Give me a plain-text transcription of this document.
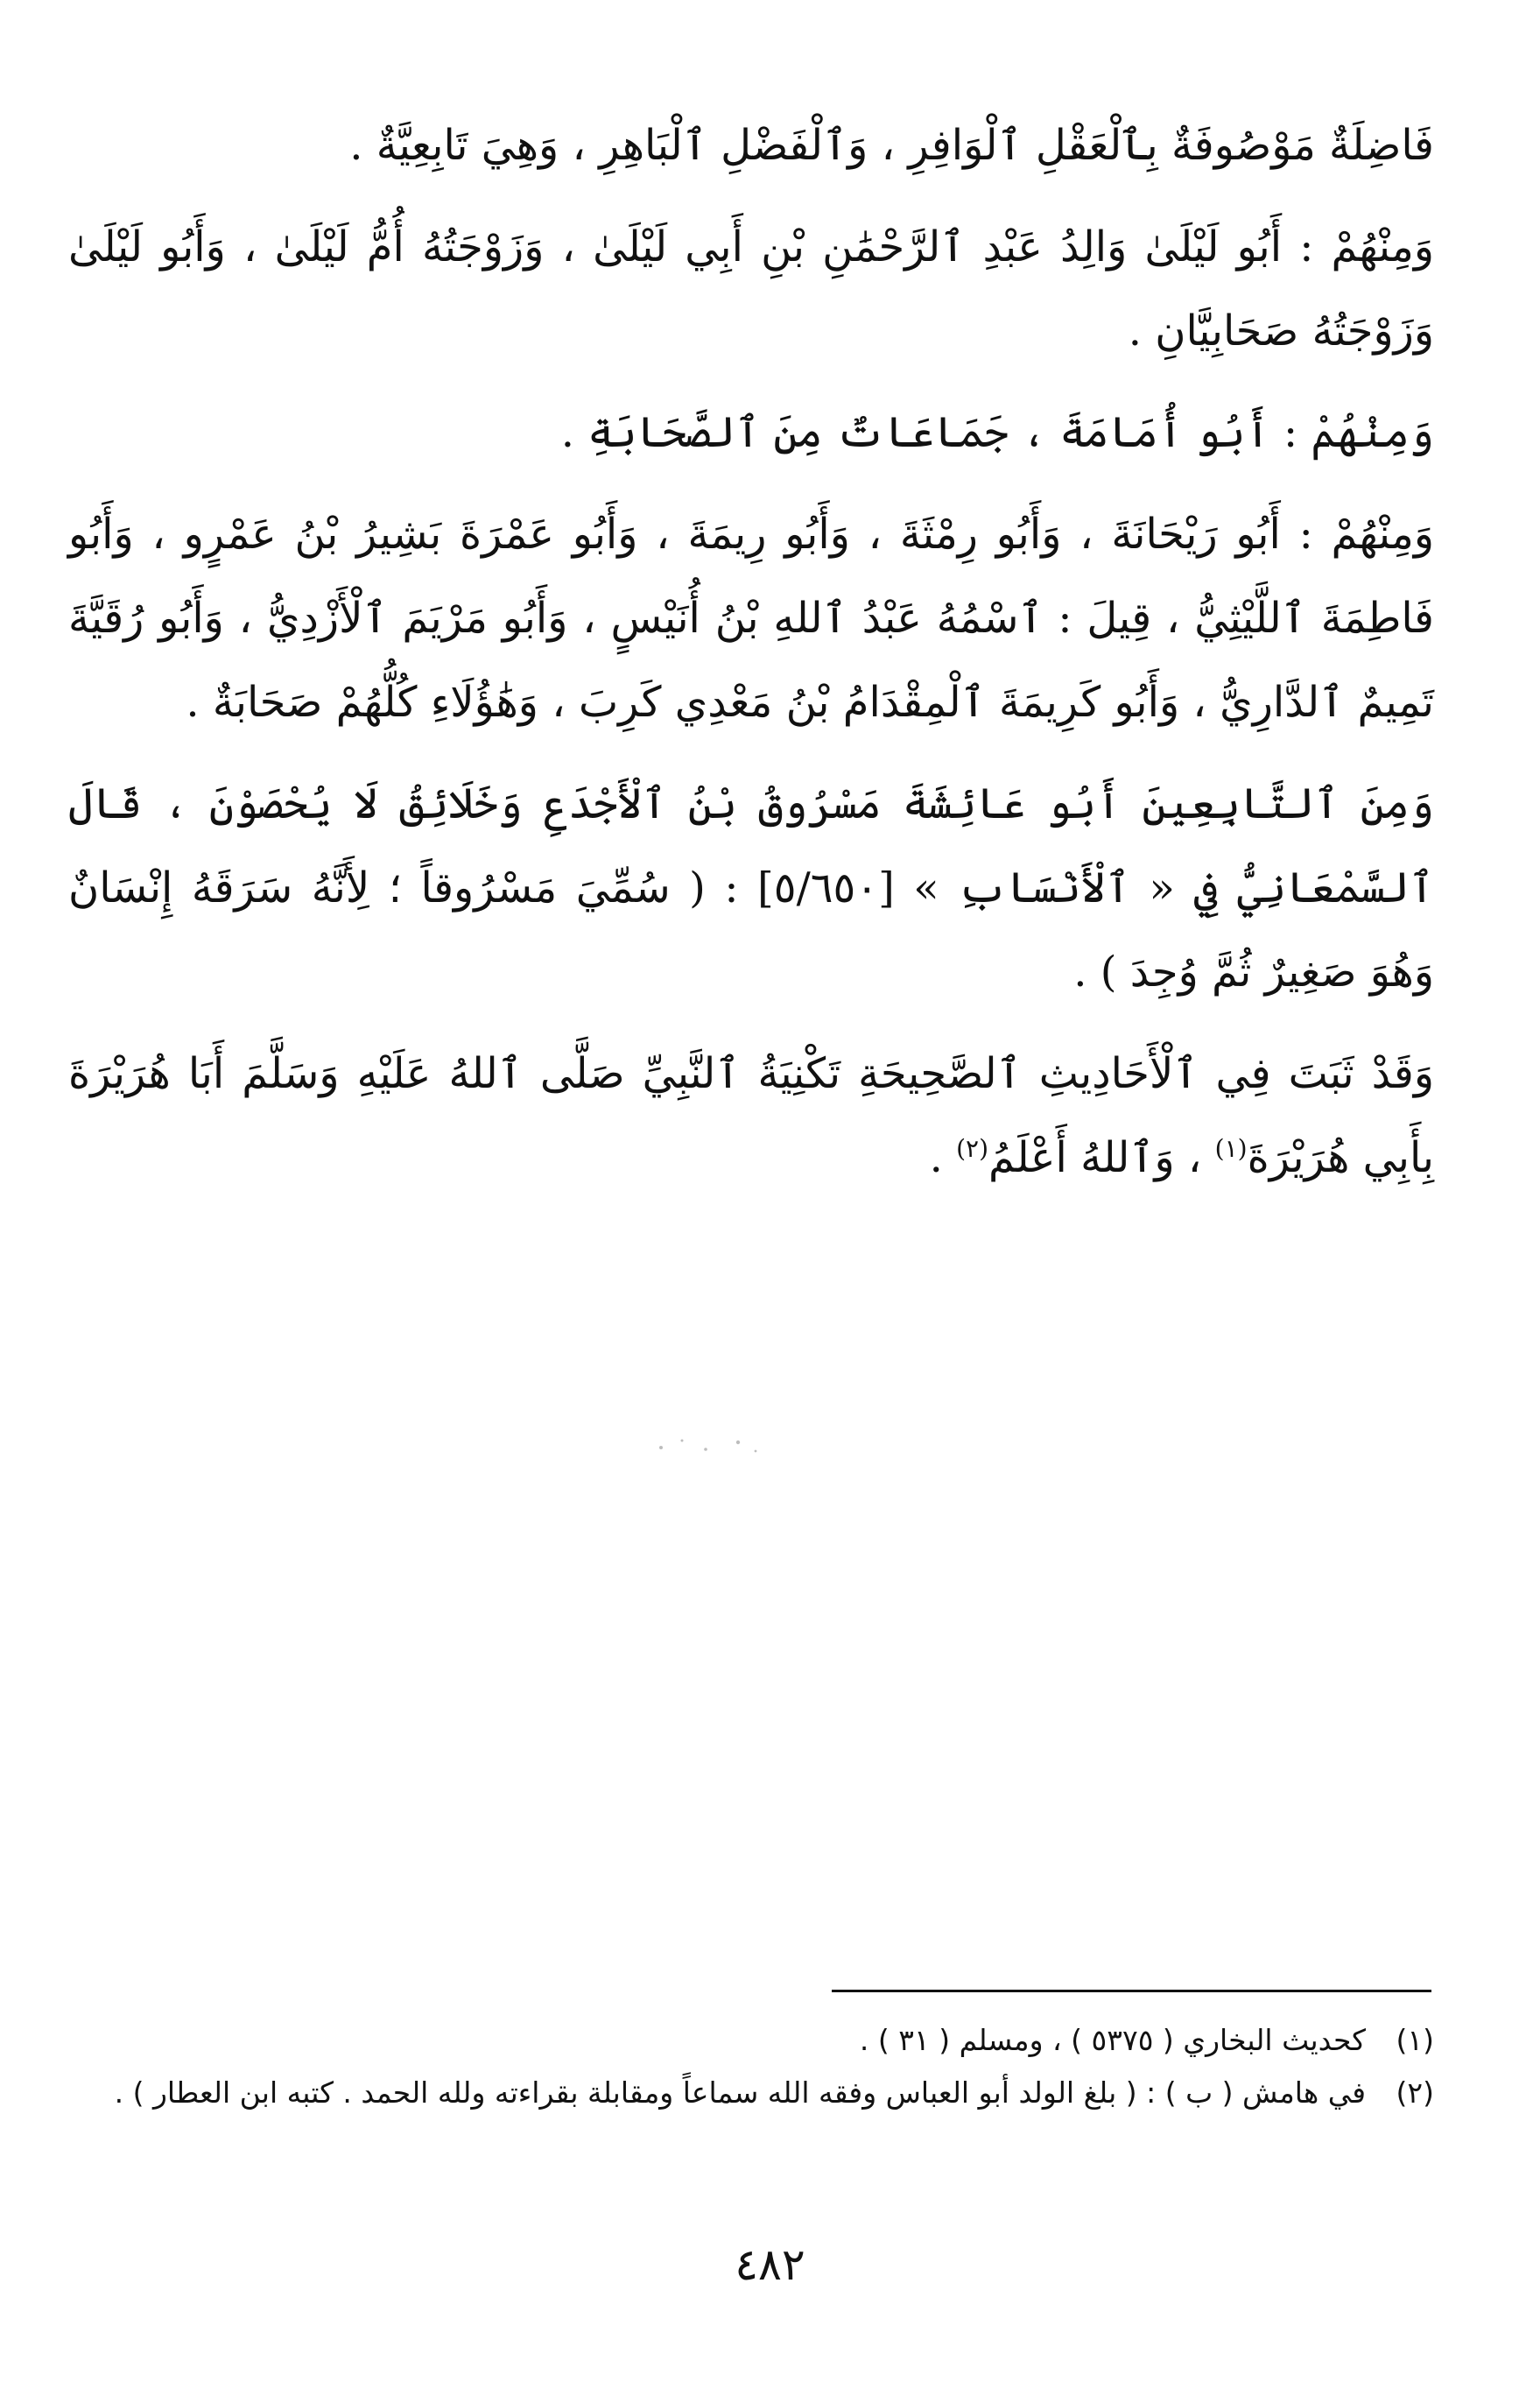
فَاضِلَةٌ مَوْصُوفَةٌ بِٱلْعَقْلِ ٱلْوَافِرِ ، وَٱلْفَضْلِ ٱلْبَاهِرِ ، وَهِيَ تَابِعِيَّةٌ .

وَمِنْهُمْ : أَبُو لَيْلَىٰ وَالِدُ عَبْدِ ٱلرَّحْمَٰنِ بْنِ أَبِي لَيْلَىٰ ، وَزَوْجَتُهُ أُمُّ لَيْلَىٰ ، وَأَبُو لَيْلَىٰ وَزَوْجَتُهُ صَحَابِيَّانِ .

وَمِنْهُمْ : أَبُو أُمَامَةَ ، جَمَاعَاتٌ مِنَ ٱلصَّحَابَةِ .

وَمِنْهُمْ : أَبُو رَيْحَانَةَ ، وَأَبُو رِمْثَةَ ، وَأَبُو رِيمَةَ ، وَأَبُو عَمْرَةَ بَشِيرُ بْنُ عَمْرٍو ، وَأَبُو فَاطِمَةَ ٱللَّيْثِيُّ ، قِيلَ : ٱسْمُهُ عَبْدُ ٱللهِ بْنُ أُنَيْسٍ ، وَأَبُو مَرْيَمَ ٱلْأَزْدِيُّ ، وَأَبُو رُقَيَّةَ تَمِيمٌ ٱلدَّارِيُّ ، وَأَبُو كَرِيمَةَ ٱلْمِقْدَامُ بْنُ مَعْدِي كَرِبَ ، وَهَٰؤُلَاءِ كُلُّهُمْ صَحَابَةٌ .

وَمِنَ ٱلتَّابِعِينَ أَبُو عَائِشَةَ مَسْرُوقُ بْنُ ٱلْأَجْدَعِ وَخَلَائِقُ لَا يُحْصَوْنَ ، قَالَ ٱلسَّمْعَانِيُّ فِي « ٱلْأَنْسَابِ » [٥/٦٥٠] : ( سُمِّيَ مَسْرُوقاً ؛ لِأَنَّهُ سَرَقَهُ إِنْسَانٌ وَهُوَ صَغِيرٌ ثُمَّ وُجِدَ ) .

وَقَدْ ثَبَتَ فِي ٱلْأَحَادِيثِ ٱلصَّحِيحَةِ تَكْنِيَةُ ٱلنَّبِيِّ صَلَّى ٱللهُ عَلَيْهِ وَسَلَّمَ أَبَا هُرَيْرَةَ بِأَبِي هُرَيْرَةَ$^{(١)}$ ، وَٱللهُ أَعْلَمُ$^{(٢)}$ .

(١)
كحديث البخاري ( ٥٣٧٥ ) ، ومسلم ( ٣١ ) .
(٢)
في هامش ( ب ) : ( بلغ الولد أبو العباس وفقه الله سماعاً ومقابلة بقراءته ولله الحمد . كتبه ابن العطار ) .
٤٨٢
